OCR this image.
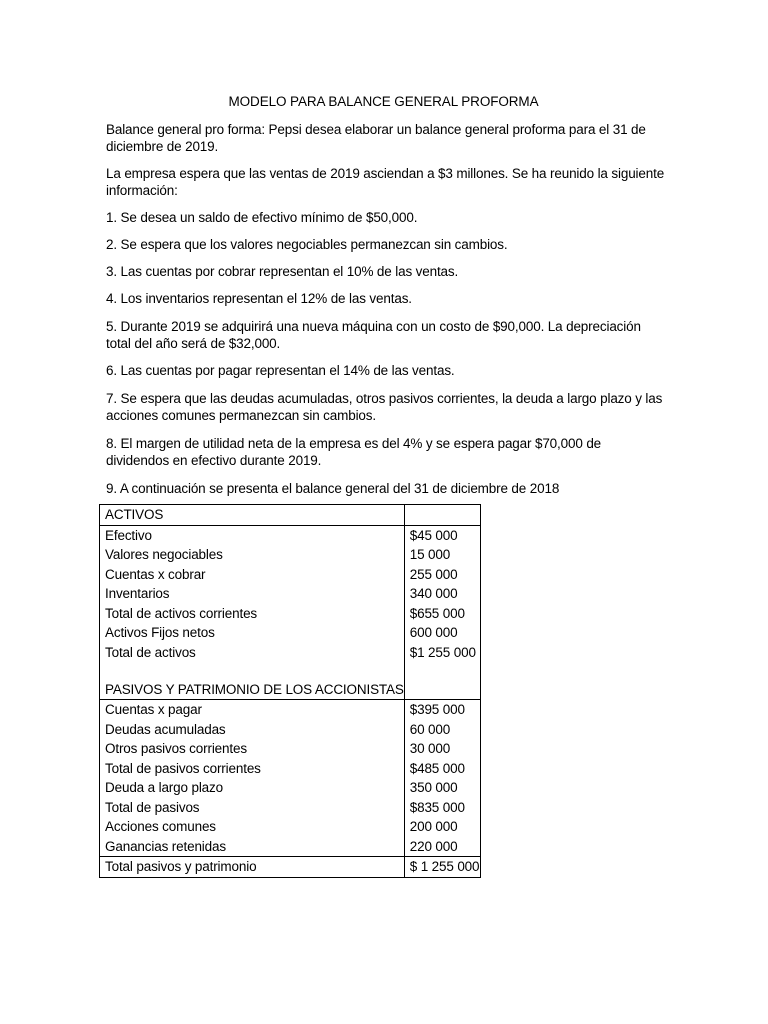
MODELO PARA BALANCE GENERAL PROFORMA

Balance general pro forma: Pepsi desea elaborar un balance general proforma para el 31 de diciembre de 2019.

La empresa espera que las ventas de 2019 asciendan a $3 millones. Se ha reunido la siguiente información:

1. Se desea un saldo de efectivo mínimo de $50,000.

2. Se espera que los valores negociables permanezcan sin cambios.

3. Las cuentas por cobrar representan el 10% de las ventas.

4. Los inventarios representan el 12% de las ventas.

5. Durante 2019 se adquirirá una nueva máquina con un costo de $90,000. La depreciación total del año será de $32,000.

6. Las cuentas por pagar representan el 14% de las ventas.

7. Se espera que las deudas acumuladas, otros pasivos corrientes, la deuda a largo plazo y las acciones comunes permanezcan sin cambios.

8. El margen de utilidad neta de la empresa es del 4% y se espera pagar $70,000 de dividendos en efectivo durante 2019.

9. A continuación se presenta el balance general del 31 de diciembre de 2018

ACTIVOS	
Efectivo	$45 000
Valores negociables	15 000
Cuentas x cobrar	255 000
Inventarios	340 000
Total de activos corrientes	$655 000
Activos Fijos netos	600 000
Total de activos	$1 255 000
PASIVOS Y PATRIMONIO DE LOS ACCIONISTAS	
Cuentas x pagar	$395 000
Deudas acumuladas	60 000
Otros pasivos corrientes	30 000
Total de pasivos corrientes	$485 000
Deuda a largo plazo	350 000
Total de pasivos	$835 000
Acciones comunes	200 000
Ganancias retenidas	220 000
Total pasivos y patrimonio	$ 1 255 000
